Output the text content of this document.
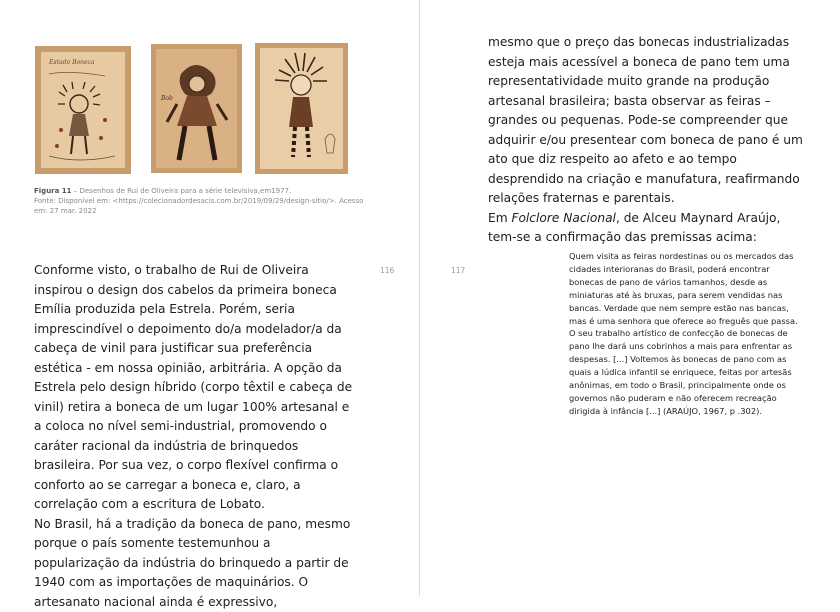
Estudo Boneca
Bob
Figura 11 – Desenhos de Rui de Oliveira para a série televisiva,em1977.
Fonte: Disponível em: <https://colecionadordesacis.com.br/2019/09/29/design-sitio/>. Acesso em: 27 mar. 2022

Conforme visto, o trabalho de Rui de Oliveira inspirou o design dos cabelos da primeira boneca Emília produzida pela Estrela. Porém, seria imprescindível o depoimento do/a modelador/a da cabeça de vinil para justificar sua preferência estética - em nossa opinião, arbitrária. A opção da Estrela pelo design híbrido (corpo têxtil e cabeça de vinil) retira a boneca de um lugar 100% artesanal e a coloca no nível semi-industrial, promovendo o caráter racional da indústria de brinquedos brasileira. Por sua vez, o corpo flexível confirma o conforto ao se carregar a boneca e, claro, a correlação com a escritura de Lobato.

No Brasil, há a tradição da boneca de pano, mesmo porque o país somente testemunhou a popularização da indústria do brinquedo a partir de 1940 com as importações de maquinários. O artesanato nacional ainda é expressivo,

116	117

mesmo que o preço das bonecas industrializadas esteja mais acessível a boneca de pano tem uma representatividade muito grande na produção artesanal brasileira; basta observar as feiras – grandes ou pequenas. Pode-se compreender que adquirir e/ou presentear com boneca de pano é um ato que diz respeito ao afeto e ao tempo desprendido na criação e manufatura, reafirmando relações fraternas e parentais.

Em Folclore Nacional, de Alceu Maynard Araújo, tem-se a confirmação das premissas acima:

Quem visita as feiras nordestinas ou os mercados das cidades interioranas do Brasil, poderá encontrar bonecas de pano de vários tamanhos, desde as miniaturas até às bruxas, para serem vendidas nas bancas. Verdade que nem sempre estão nas bancas, mas é uma senhora que oferece ao freguês que passa. O seu trabalho artístico de confecção de bonecas de pano lhe dará uns cobrinhos a mais para enfrentar as despesas. [...] Voltemos às bonecas de pano com as quais a lúdica infantil se enriquece, feitas por artesãs anônimas, em todo o Brasil, principalmente onde os governos não puderam e não oferecem recreação dirigida à infância [...] (ARAÚJO, 1967, p .302).
